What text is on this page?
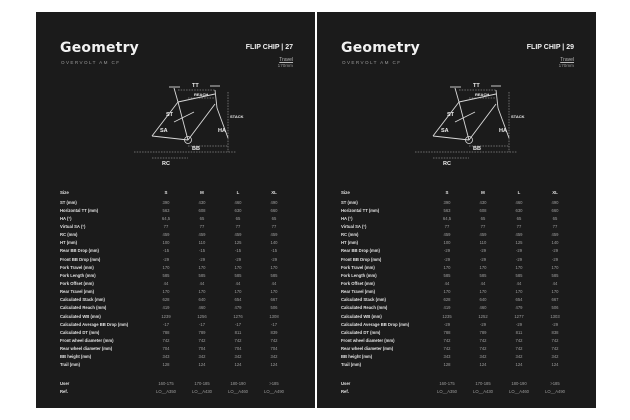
Geometry
OVERVOLT AM CF
FLIP CHIP | 27
Travel
170mm
TT
REACH
STACK
ST
SA	HA
BB
RC
Size	S	M	L	XL
ST (mm)	390	430	460	490
Horizontal TT (mm)	563	608	630	660
HA (°)	64,5	65	65	65
Virtual SA (°)	77	77	77	77
RC (mm)	459	459	459	459
HT (mm)	100	110	125	140
Rear BB Drop (mm)	-15	-15	-15	-15
Front BB Drop (mm)	-29	-29	-29	-29
Fork Travel (mm)	170	170	170	170
Fork Length (mm)	585	585	585	585
Fork Offset (mm)	44	44	44	44
Rear Travel (mm)	170	170	170	170
Calculated Stack (mm)	628	640	654	667
Calculated Reach (mm)	419	460	479	506
Calculated WB (mm)	1239	1256	1276	1308
Calculated Average BB Drop (mm)	-17	-17	-17	-17
Calculated DT (mm)	788	789	811	839
Front wheel diameter (mm)	742	742	742	742
Rear wheel diameter (mm)	704	704	704	704
BB height (mm)	343	342	342	342
Trail (mm)	128	124	124	124

User	160-175	170-185	180-190	>185
Ref.	LO__A350	LO__A430	LO__A460	LO__A490
Geometry
OVERVOLT AM CF
FLIP CHIP | 29
Travel
170mm
TT
REACH
STACK
ST
SA	HA
BB
RC
Size	S	M	L	XL
ST (mm)	390	430	460	490
Horizontal TT (mm)	563	608	630	660
HA (°)	64,5	65	65	65
Virtual SA (°)	77	77	77	77
RC (mm)	459	459	459	459
HT (mm)	100	110	125	140
Rear BB Drop (mm)	-29	-29	-29	-29
Front BB Drop (mm)	-29	-29	-29	-29
Fork Travel (mm)	170	170	170	170
Fork Length (mm)	585	585	585	585
Fork Offset (mm)	44	44	44	44
Rear Travel (mm)	170	170	170	170
Calculated Stack (mm)	628	640	654	667
Calculated Reach (mm)	419	460	479	506
Calculated WB (mm)	1235	1252	1277	1303
Calculated Average BB Drop (mm)	-29	-29	-29	-29
Calculated DT (mm)	788	789	811	838
Front wheel diameter (mm)	742	742	742	742
Rear wheel diameter (mm)	742	742	742	742
BB height (mm)	343	342	342	342
Trail (mm)	128	124	124	124

User	160-175	170-185	180-190	>185
Ref.	LO__A350	LO__A430	LO__A460	LO__A490
